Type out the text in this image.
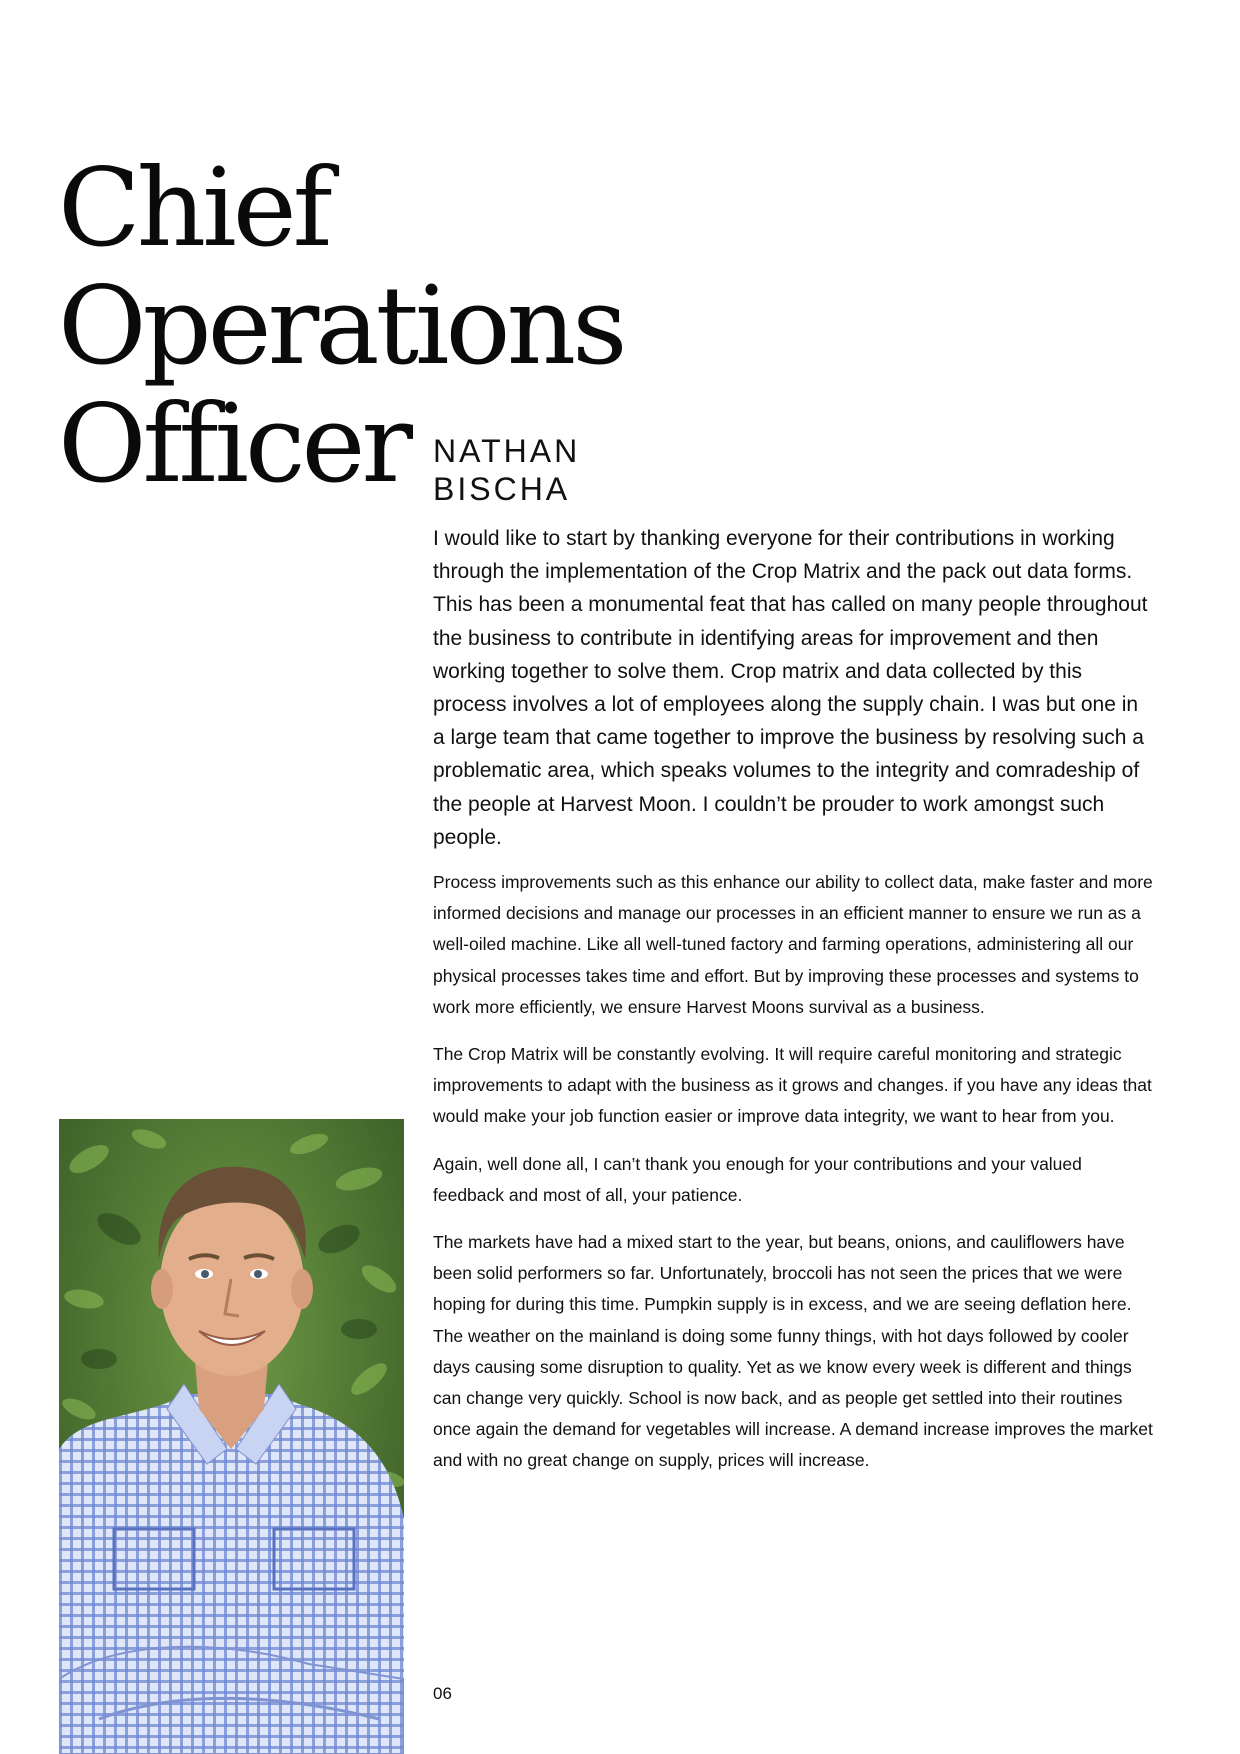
Chief
Operations
Officer NATHAN
BISCHA

I would like to start by thanking everyone for their contributions in working through the implementation of the Crop Matrix and the pack out data forms. This has been a monumental feat that has called on many people throughout the business to contribute in identifying areas for improvement and then working together to solve them. Crop matrix and data collected by this process involves a lot of employees along the supply chain. I was but one in a large team that came together to improve the business by resolving such a problematic area, which speaks volumes to the integrity and comradeship of the people at Harvest Moon. I couldn’t be prouder to work amongst such people.

Process improvements such as this enhance our ability to collect data, make faster and more informed decisions and manage our processes in an efficient manner to ensure we run as a well-oiled machine. Like all well-tuned factory and farming operations, administering all our physical processes takes time and effort. But by improving these processes and systems to work more efficiently, we ensure Harvest Moons survival as a business.

The Crop Matrix will be constantly evolving. It will require careful monitoring and strategic improvements to adapt with the business as it grows and changes. if you have any ideas that would make your job function easier or improve data integrity, we want to hear from you.

Again, well done all, I can’t thank you enough for your contributions and your valued feedback and most of all, your patience.

The markets have had a mixed start to the year, but beans, onions, and cauliflowers have been solid performers so far. Unfortunately, broccoli has not seen the prices that we were hoping for during this time. Pumpkin supply is in excess, and we are seeing deflation here. The weather on the mainland is doing some funny things, with hot days followed by cooler days causing some disruption to quality. Yet as we know every week is different and things can change very quickly. School is now back, and as people get settled into their routines once again the demand for vegetables will increase. A demand increase improves the market and with no great change on supply, prices will increase.

06
